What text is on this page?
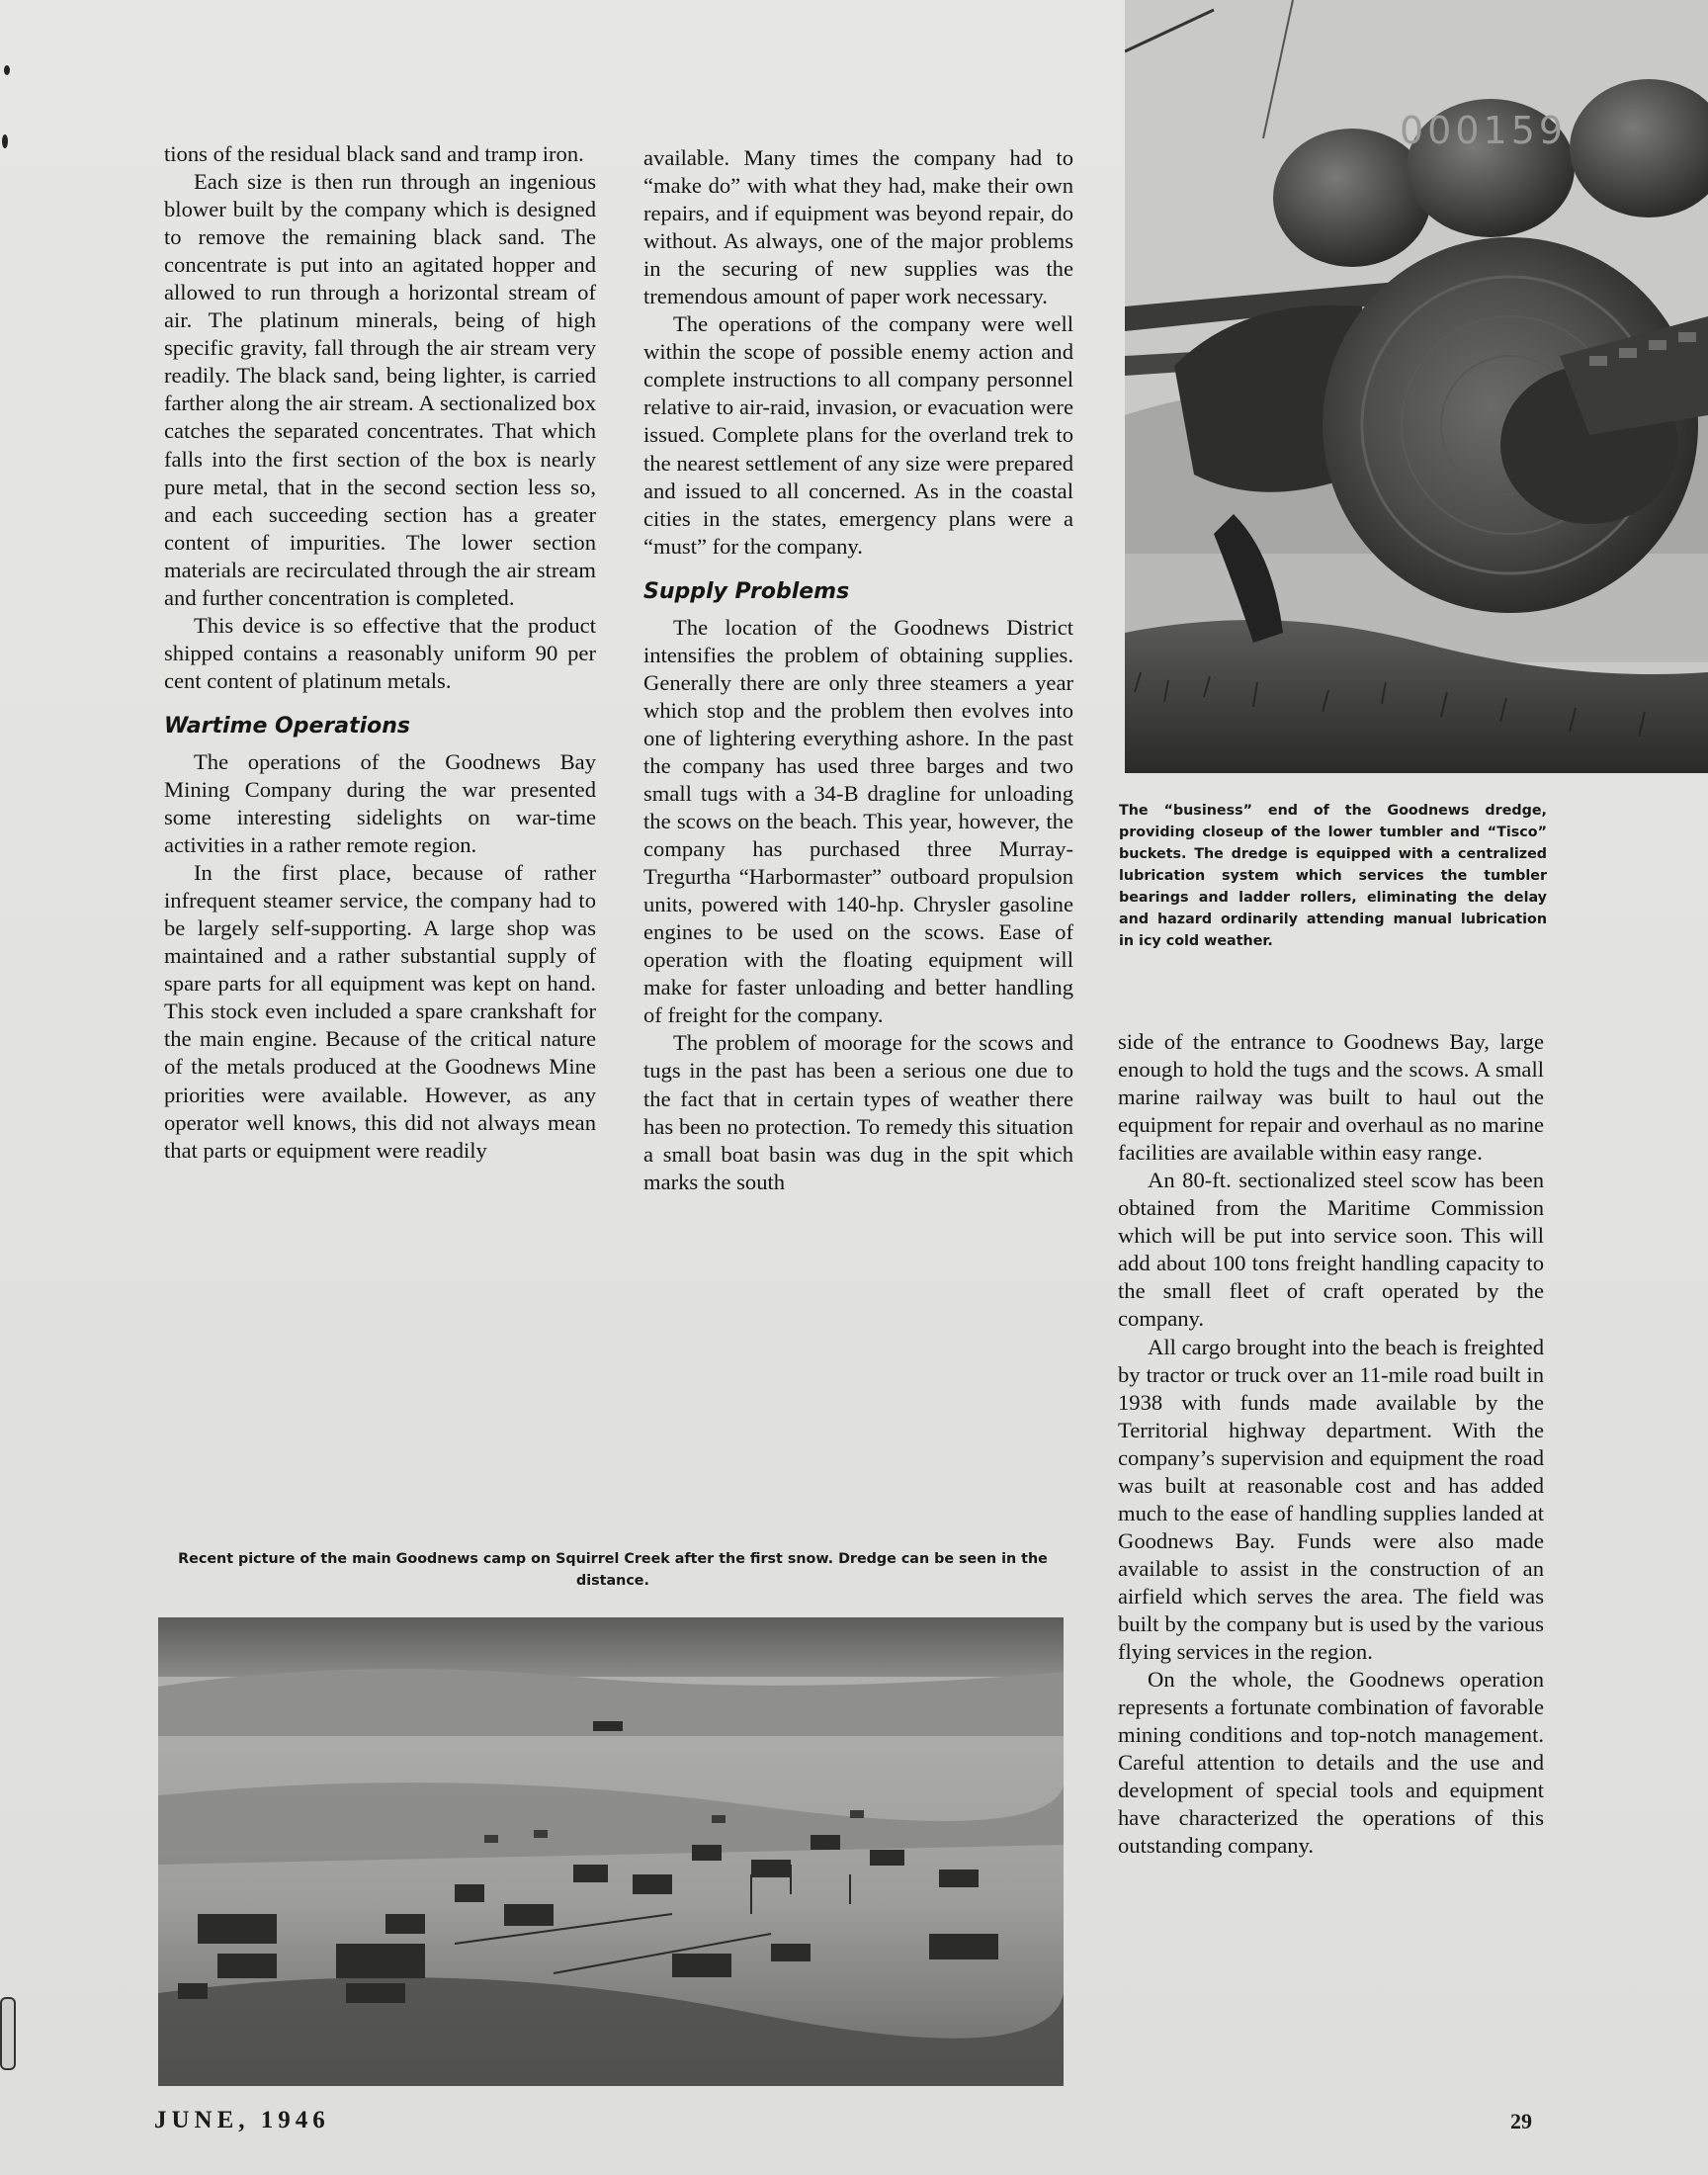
tions of the residual black sand and tramp iron.

Each size is then run through an ingenious blower built by the company which is designed to remove the remaining black sand. The concentrate is put into an agitated hopper and allowed to run through a horizontal stream of air. The platinum minerals, being of high specific gravity, fall through the air stream very readily. The black sand, being lighter, is carried farther along the air stream. A sectionalized box catches the separated concentrates. That which falls into the first section of the box is nearly pure metal, that in the second section less so, and each succeeding section has a greater content of impurities. The lower section materials are recirculated through the air stream and further concentration is completed.

This device is so effective that the product shipped contains a reasonably uniform 90 per cent content of platinum metals.

Wartime Operations

The operations of the Goodnews Bay Mining Company during the war presented some interesting sidelights on war-time activities in a rather remote region.

In the first place, because of rather infrequent steamer service, the company had to be largely self-supporting. A large shop was maintained and a rather substantial supply of spare parts for all equipment was kept on hand. This stock even included a spare crankshaft for the main engine. Because of the critical nature of the metals produced at the Goodnews Mine priorities were available. However, as any operator well knows, this did not always mean that parts or equipment were readily

available. Many times the company had to “make do” with what they had, make their own repairs, and if equipment was beyond repair, do without. As always, one of the major problems in the securing of new supplies was the tremendous amount of paper work necessary.

The operations of the company were well within the scope of possible enemy action and complete instructions to all company personnel relative to air-raid, invasion, or evacuation were issued. Complete plans for the overland trek to the nearest settlement of any size were prepared and issued to all concerned. As in the coastal cities in the states, emergency plans were a “must” for the company.

Supply Problems

The location of the Goodnews District intensifies the problem of obtaining supplies. Generally there are only three steamers a year which stop and the problem then evolves into one of lightering everything ashore. In the past the company has used three barges and two small tugs with a 34-B dragline for unloading the scows on the beach. This year, however, the company has purchased three Murray-Tregurtha “Harbormaster” outboard propulsion units, powered with 140-hp. Chrysler gasoline engines to be used on the scows. Ease of operation with the floating equipment will make for faster unloading and better handling of freight for the company.

The problem of moorage for the scows and tugs in the past has been a serious one due to the fact that in certain types of weather there has been no protection. To remedy this situation a small boat basin was dug in the spit which marks the south

side of the entrance to Goodnews Bay, large enough to hold the tugs and the scows. A small marine railway was built to haul out the equipment for repair and overhaul as no marine facilities are available within easy range.

An 80-ft. sectionalized steel scow has been obtained from the Maritime Commission which will be put into service soon. This will add about 100 tons freight handling capacity to the small fleet of craft operated by the company.

All cargo brought into the beach is freighted by tractor or truck over an 11-mile road built in 1938 with funds made available by the Territorial highway department. With the company’s supervision and equipment the road was built at reasonable cost and has added much to the ease of handling supplies landed at Goodnews Bay. Funds were also made available to assist in the construction of an airfield which serves the area. The field was built by the company but is used by the various flying services in the region.

On the whole, the Goodnews operation represents a fortunate combination of favorable mining conditions and top-notch management. Careful attention to details and the use and development of special tools and equipment have characterized the operations of this outstanding company.

000159
The “business” end of the Goodnews dredge, providing closeup of the lower tumbler and “Tisco” buckets. The dredge is equipped with a centralized lubrication system which services the tumbler bearings and ladder rollers, eliminating the delay and hazard ordinarily attending manual lubrication in icy cold weather.
Recent picture of the main Goodnews camp on Squirrel Creek after the first snow. Dredge can be seen in the distance.
JUNE, 1946	29
